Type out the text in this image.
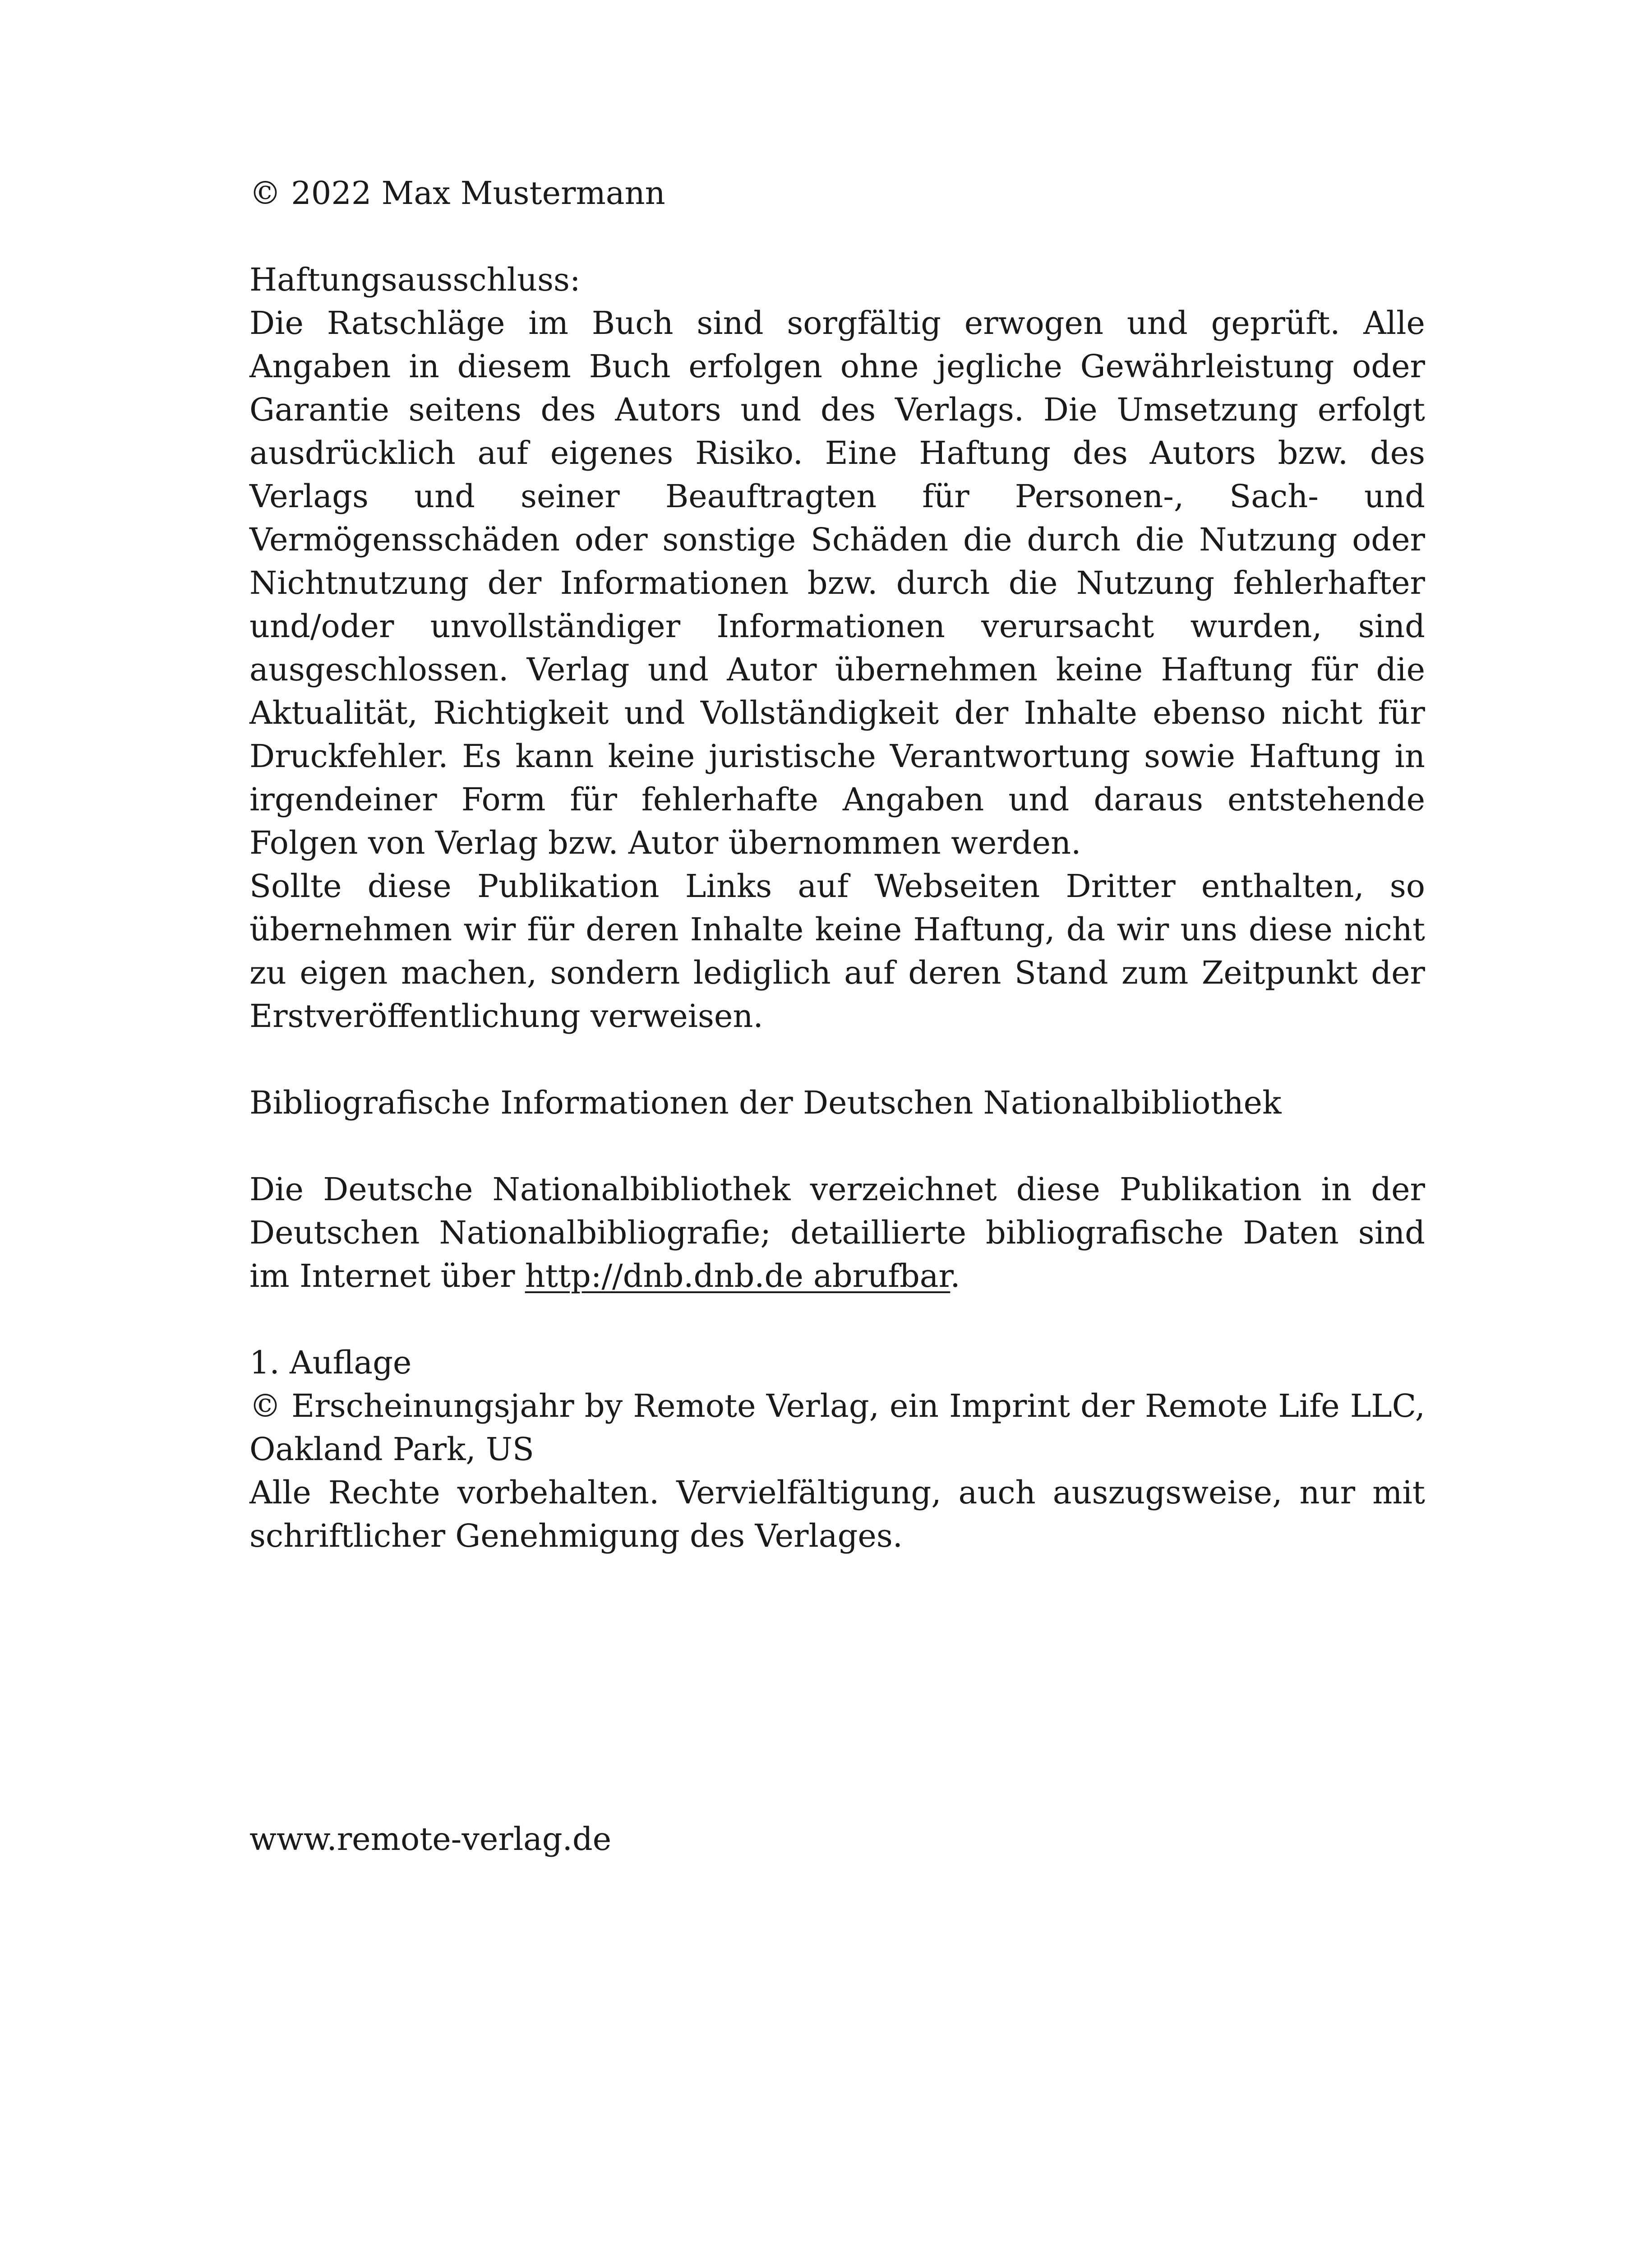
© 2022 Max Mustermann

Haftungsausschluss:

Die Ratschläge im Buch sind sorgfältig erwogen und geprüft. Alle Angaben in diesem Buch erfolgen ohne jegliche Gewährleistung oder Garantie seitens des Autors und des Verlags. Die Umsetzung erfolgt ausdrücklich auf eigenes Risiko. Eine Haftung des Autors bzw. des Verlags und seiner Beauftragten für Personen-, Sach- und Vermögensschäden oder sonstige Schäden die durch die Nutzung oder Nichtnutzung der Informationen bzw. durch die Nutzung fehlerhafter und/oder unvollständiger Informationen verursacht wurden, sind ausgeschlossen. Verlag und Autor übernehmen keine Haftung für die Aktualität, Richtigkeit und Vollständigkeit der Inhalte ebenso nicht für Druckfehler. Es kann keine juristische Verantwortung sowie Haftung in irgendeiner Form für fehlerhafte Angaben und daraus entstehende Folgen von Verlag bzw. Autor übernommen werden.

Sollte diese Publikation Links auf Webseiten Dritter enthalten, so übernehmen wir für deren Inhalte keine Haftung, da wir uns diese nicht zu eigen machen, sondern lediglich auf deren Stand zum Zeitpunkt der Erstveröffentlichung verweisen.

Bibliografische Informationen der Deutschen Nationalbibliothek

Die Deutsche Nationalbibliothek verzeichnet diese Publikation in der Deutschen Nationalbibliografie; detaillierte bibliografische Daten sind im Internet über http://dnb.dnb.de abrufbar.

1. Auflage

© Erscheinungsjahr by Remote Verlag, ein Imprint der Remote Life LLC, Oakland Park, US

Alle Rechte vorbehalten. Vervielfältigung, auch auszugsweise, nur mit schriftlicher Genehmigung des Verlages.

www.remote-verlag.de
